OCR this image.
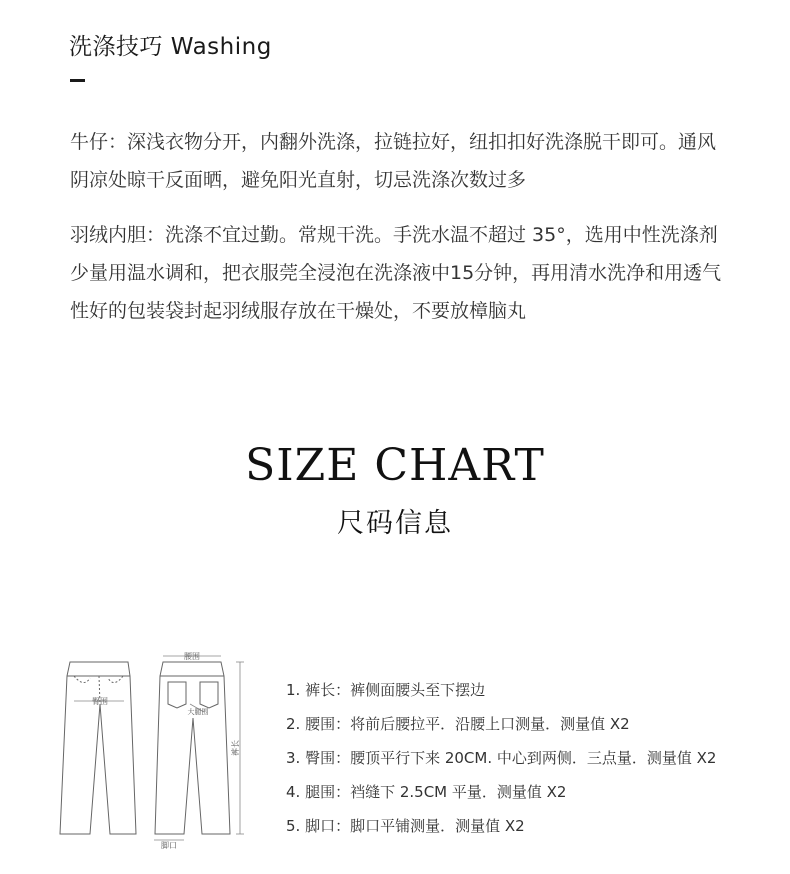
洗涤技巧 Washing

牛仔：深浅衣物分开，内翻外洗涤，拉链拉好，纽扣扣好洗涤脱干即可。通风阴凉处晾干反面晒，避免阳光直射，切忌洗涤次数过多

羽绒内胆：洗涤不宜过勤。常规干洗。手洗水温不超过 35°，选用中性洗涤剂少量用温水调和，把衣服莞全浸泡在洗涤液中15分钟，再用清水洗净和用透气性好的包装袋封起羽绒服存放在干燥处，不要放樟脑丸

SIZE CHART
尺码信息
腰围
臀围
大腿围
裤长
脚口
1. 裤长：裤侧面腰头至下摆边
2. 腰围：将前后腰拉平．沿腰上口测量．测量值 X2
3. 臀围：腰顶平行下来 20CM. 中心到两侧．三点量．测量值 X2
4. 腿围：裆缝下 2.5CM 平量．测量值 X2
5. 脚口：脚口平铺测量．测量值 X2
